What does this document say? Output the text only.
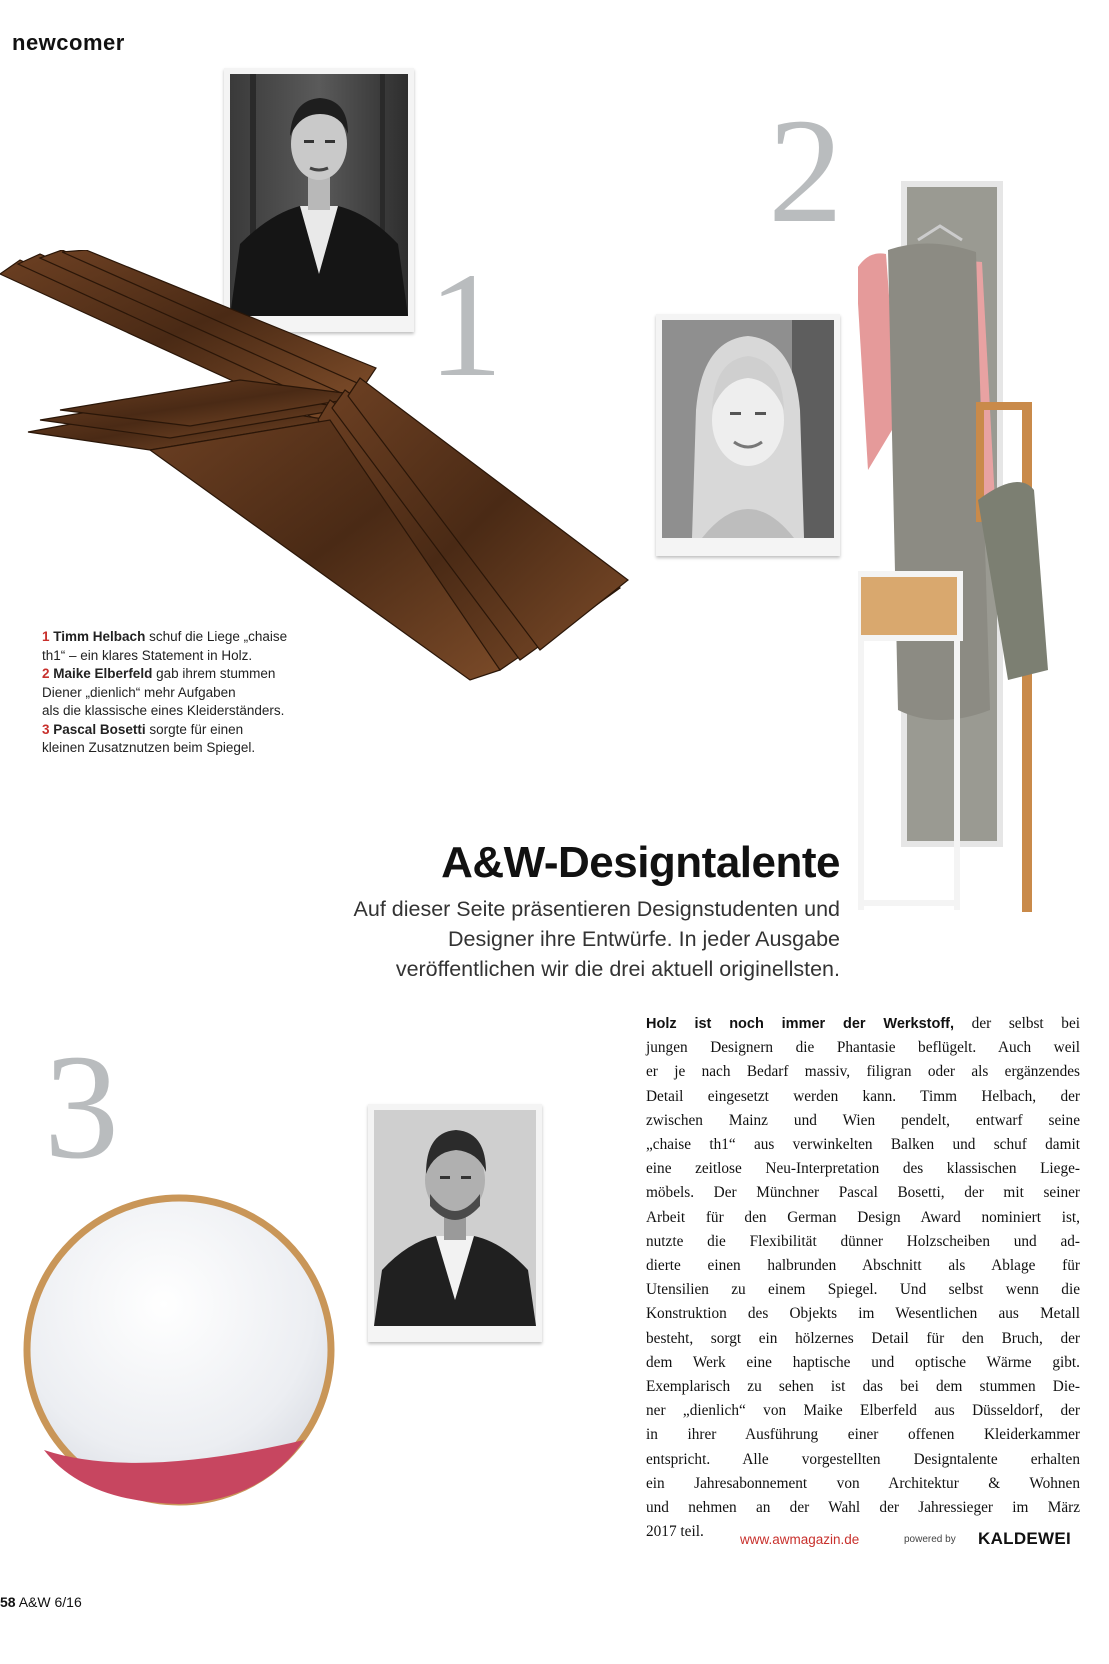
newcomer
1
2
3
1 Timm Helbach schuf die Liege „chaise
th1“ – ein klares Statement in Holz.
2 Maike Elberfeld gab ihrem stummen
Diener „dienlich“ mehr Aufgaben
als die klassische eines Kleiderständers.
3 Pascal Bosetti sorgte für einen
kleinen Zusatznutzen beim Spiegel.
A&W-Designtalente
Auf dieser Seite präsentieren Designstudenten und
Designer ihre Entwürfe. In jeder Ausgabe
veröffentlichen wir die drei aktuell originellsten.
Holz ist noch immer der Werkstoff, der selbst bei
jungen Designern die Phantasie beflügelt. Auch weil
er je nach Bedarf massiv, filigran oder als ergänzendes
Detail eingesetzt werden kann. Timm Helbach, der
zwischen Mainz und Wien pendelt, entwarf seine
„chaise th1“ aus verwinkelten Balken und schuf damit
eine zeitlose Neu-Interpretation des klassischen Liege-
möbels. Der Münchner Pascal Bosetti, der mit seiner
Arbeit für den German Design Award nominiert ist,
nutzte die Flexibilität dünner Holzscheiben und ad-
dierte einen halbrunden Abschnitt als Ablage für
Utensilien zu einem Spiegel. Und selbst wenn die
Konstruktion des Objekts im Wesentlichen aus Metall
besteht, sorgt ein hölzernes Detail für den Bruch, der
dem Werk eine haptische und optische Wärme gibt.
Exemplarisch zu sehen ist das bei dem stummen Die-
ner „dienlich“ von Maike Elberfeld aus Düsseldorf, der
in ihrer Ausführung einer offenen Kleiderkammer
entspricht. Alle vorgestellten Designtalente erhalten
ein Jahresabonnement von Architektur & Wohnen
und nehmen an der Wahl der Jahressieger im März
2017 teil.	www.awmagazin.de	powered by KALDEWEI
58 A&W 6/16
